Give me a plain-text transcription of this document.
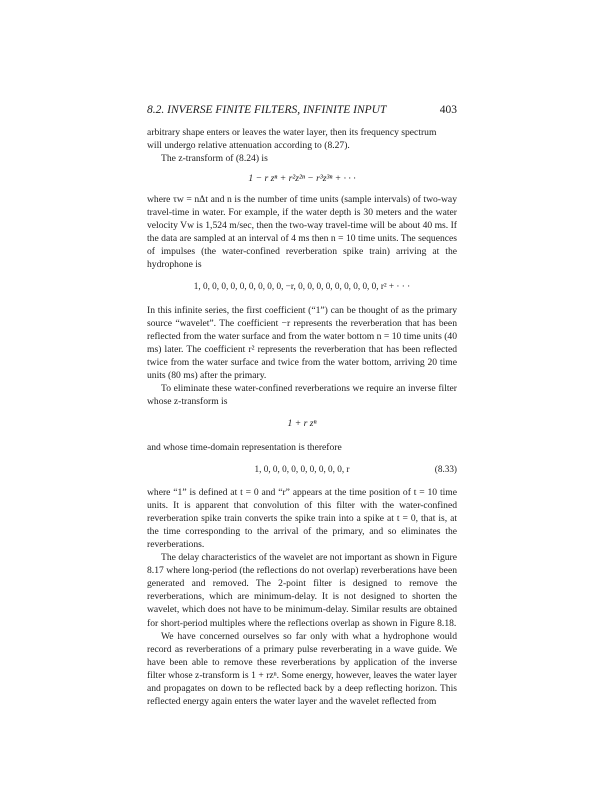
8.2. INVERSE FINITE FILTERS, INFINITE INPUT	403

arbitrary shape enters or leaves the water layer, then its frequency spectrum
will undergo relative attenuation according to (8.27).

The z-transform of (8.24) is

1 − r zⁿ + r²z²ⁿ − r³z³ⁿ + · · ·

where τw = nΔt and n is the number of time units (sample intervals) of two-way travel-time in water. For example, if the water depth is 30 meters and the water velocity Vw is 1,524 m/sec, then the two-way travel-time will be about 40 ms. If the data are sampled at an interval of 4 ms then n = 10 time units. The sequences of impulses (the water-confined reverberation spike train) arriving at the hydrophone is

1, 0, 0, 0, 0, 0, 0, 0, 0, 0, −r, 0, 0, 0, 0, 0, 0, 0, 0, 0, r² + · · ·

In this infinite series, the first coefficient (“1”) can be thought of as the primary source “wavelet”. The coefficient −r represents the reverberation that has been reflected from the water surface and from the water bottom n = 10 time units (40 ms) later. The coefficient r² represents the reverberation that has been reflected twice from the water surface and twice from the water bottom, arriving 20 time units (80 ms) after the primary.

To eliminate these water-confined reverberations we require an inverse filter whose z-transform is

1 + r zⁿ

and whose time-domain representation is therefore

1, 0, 0, 0, 0, 0, 0, 0, 0, 0, r	(8.33)

where “1” is defined at t = 0 and “r” appears at the time position of t = 10 time units. It is apparent that convolution of this filter with the water-confined reverberation spike train converts the spike train into a spike at t = 0, that is, at the time corresponding to the arrival of the primary, and so eliminates the reverberations.

The delay characteristics of the wavelet are not important as shown in Figure 8.17 where long-period (the reflections do not overlap) reverberations have been generated and removed. The 2-point filter is designed to remove the reverberations, which are minimum-delay. It is not designed to shorten the wavelet, which does not have to be minimum-delay. Similar results are obtained for short-period multiples where the reflections overlap as shown in Figure 8.18.

We have concerned ourselves so far only with what a hydrophone would record as reverberations of a primary pulse reverberating in a wave guide. We have been able to remove these reverberations by application of the inverse filter whose z-transform is 1 + rzⁿ. Some energy, however, leaves the water layer and propagates on down to be reflected back by a deep reflecting horizon. This reflected energy again enters the water layer and the wavelet reflected from
